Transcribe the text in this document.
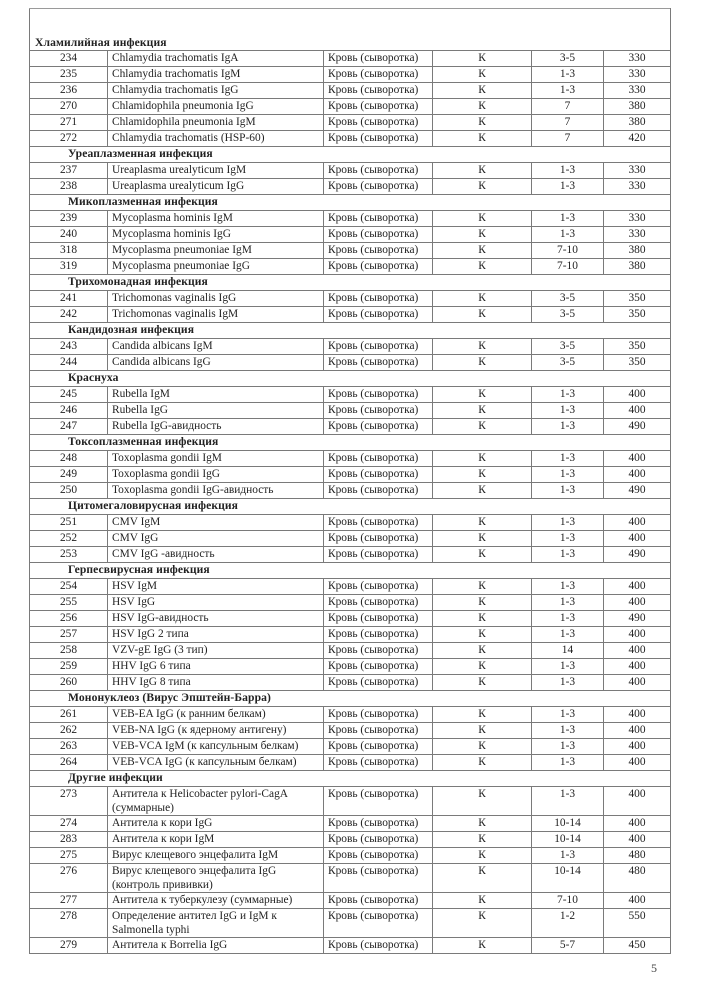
Хламилийная инфекция					
234	Chlamydia trachomatis IgA	Кровь (сыворотка)	К	3-5	330
235	Chlamydia trachomatis IgM	Кровь (сыворотка)	К	1-3	330
236	Chlamydia trachomatis IgG	Кровь (сыворотка)	К	1-3	330
270	Chlamidophila pneumonia IgG	Кровь (сыворотка)	К	7	380
271	Chlamidophila pneumonia IgM	Кровь (сыворотка)	К	7	380
272	Chlamydia trachomatis (HSP-60)	Кровь (сыворотка)	К	7	420
Уреаплазменная инфекция					
237	Ureaplasma urealyticum IgM	Кровь (сыворотка)	К	1-3	330
238	Ureaplasma urealyticum IgG	Кровь (сыворотка)	К	1-3	330
Микоплазменная инфекция					
239	Mycoplasma hominis IgM	Кровь (сыворотка)	К	1-3	330
240	Mycoplasma hominis IgG	Кровь (сыворотка)	К	1-3	330
318	Mycoplasma pneumoniae IgM	Кровь (сыворотка)	К	7-10	380
319	Mycoplasma pneumoniae IgG	Кровь (сыворотка)	К	7-10	380
Трихомонадная инфекция					
241	Trichomonas vaginalis IgG	Кровь (сыворотка)	К	3-5	350
242	Trichomonas vaginalis IgM	Кровь (сыворотка)	К	3-5	350
Кандидозная инфекция					
243	Candida albicans IgM	Кровь (сыворотка)	К	3-5	350
244	Candida albicans IgG	Кровь (сыворотка)	К	3-5	350
Краснуха					
245	Rubella IgM	Кровь (сыворотка)	К	1-3	400
246	Rubella IgG	Кровь (сыворотка)	К	1-3	400
247	Rubella IgG-авидность	Кровь (сыворотка)	К	1-3	490
Токсоплазменная инфекция					
248	Toxoplasma gondii IgM	Кровь (сыворотка)	К	1-3	400
249	Toxoplasma gondii IgG	Кровь (сыворотка)	К	1-3	400
250	Toxoplasma gondii IgG-авидность	Кровь (сыворотка)	К	1-3	490
Цитомегаловирусная инфекция					
251	CMV IgM	Кровь (сыворотка)	К	1-3	400
252	CMV IgG	Кровь (сыворотка)	К	1-3	400
253	CMV IgG -авидность	Кровь (сыворотка)	К	1-3	490
Герпесвирусная инфекция					
254	HSV IgM	Кровь (сыворотка)	К	1-3	400
255	HSV IgG	Кровь (сыворотка)	К	1-3	400
256	HSV IgG-авидность	Кровь (сыворотка)	К	1-3	490
257	HSV IgG 2 типа	Кровь (сыворотка)	К	1-3	400
258	VZV-gE IgG (3 тип)	Кровь (сыворотка)	К	14	400
259	HHV IgG 6 типа	Кровь (сыворотка)	К	1-3	400
260	HHV IgG 8 типа	Кровь (сыворотка)	К	1-3	400
Мононуклеоз (Вирус Эпштейн-Барра)					
261	VEB-EA IgG (к ранним белкам)	Кровь (сыворотка)	К	1-3	400
262	VEB-NA IgG (к ядерному антигену)	Кровь (сыворотка)	К	1-3	400
263	VEB-VCA IgM (к капсульным белкам)	Кровь (сыворотка)	К	1-3	400
264	VEB-VCA IgG (к капсульным белкам)	Кровь (сыворотка)	К	1-3	400
Другие инфекции					
273	Антитела к Helicobacter pylori-CagA (суммарные)	Кровь (сыворотка)	К	1-3	400
274	Антитела к кори IgG	Кровь (сыворотка)	К	10-14	400
283	Антитела к кори IgM	Кровь (сыворотка)	К	10-14	400
275	Вирус клещевого энцефалита IgM	Кровь (сыворотка)	К	1-3	480
276	Вирус клещевого энцефалита IgG (контроль прививки)	Кровь (сыворотка)	К	10-14	480
277	Антитела к туберкулезу (суммарные)	Кровь (сыворотка)	К	7-10	400
278	Определение антител IgG и IgM к Salmonella typhi	Кровь (сыворотка)	К	1-2	550
279	Антитела к Borrelia IgG	Кровь (сыворотка)	К	5-7	450
5
